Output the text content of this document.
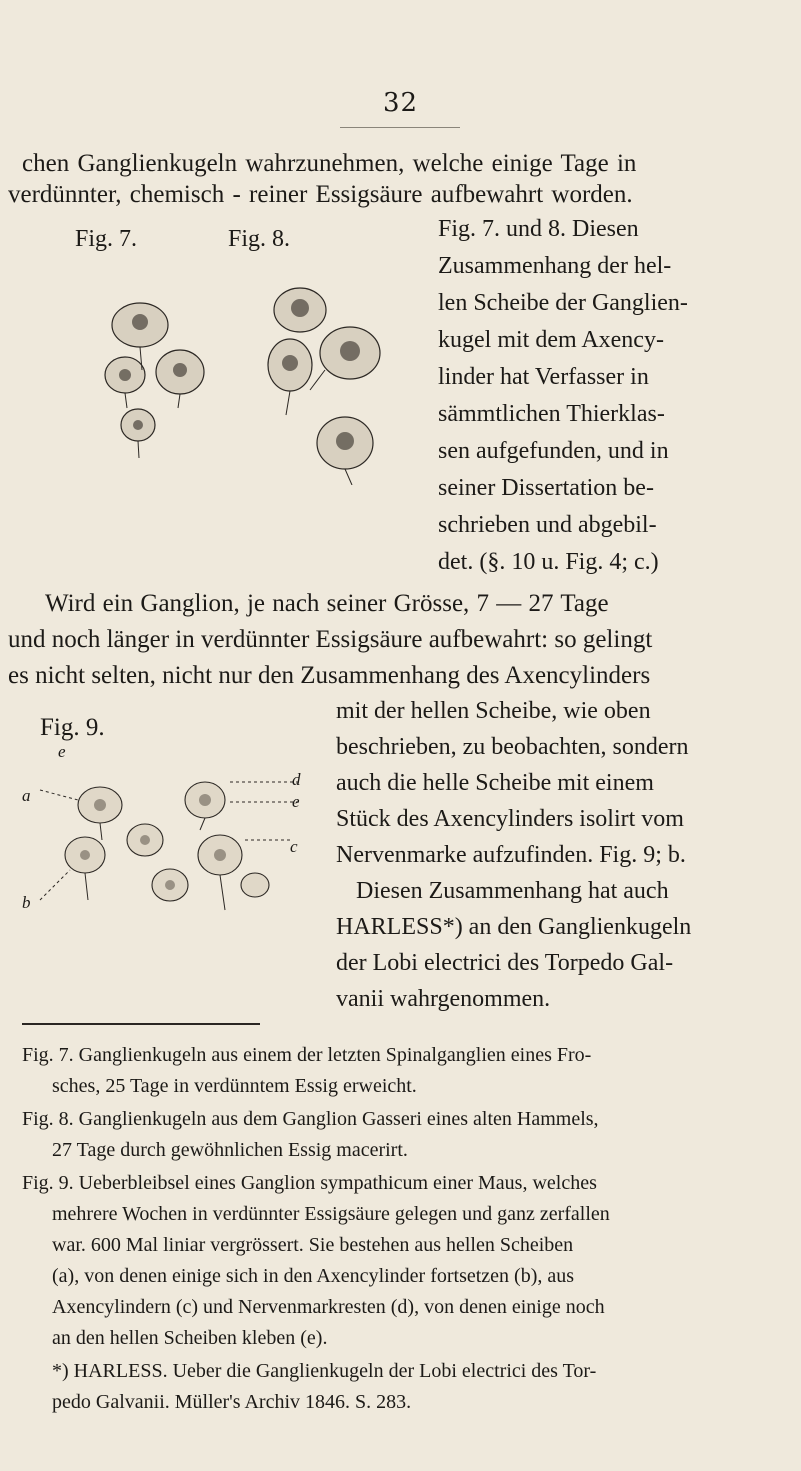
32
chen Ganglienkugeln wahrzunehmen, welche einige Tage in
verdünnter, chemisch - reiner Essigsäure aufbewahrt worden.
Fig. 7.	Fig. 8.	Fig. 7. und 8. Diesen
Zusammenhang der hel-
len Scheibe der Ganglien-
kugel mit dem Axency-
linder hat Verfasser in
sämmtlichen Thierklas-
sen aufgefunden, und in
seiner Dissertation be-
schrieben und abgebil-
det. (§. 10 u. Fig. 4; c.)
Wird ein Ganglion, je nach seiner Grösse, 7 — 27 Tage
und noch länger in verdünnter Essigsäure aufbewahrt: so gelingt
es nicht selten, nicht nur den Zusammenhang des Axencylinders
Fig. 9.
e
a
b
d
e
c
mit der hellen Scheibe, wie oben
beschrieben, zu beobachten, sondern
auch die helle Scheibe mit einem
Stück des Axencylinders isolirt vom
Nervenmarke aufzufinden. Fig. 9; b.
Diesen Zusammenhang hat auch
HARLESS*) an den Ganglienkugeln
der Lobi electrici des Torpedo Gal-
vanii wahrgenommen.
Fig. 7. Ganglienkugeln aus einem der letzten Spinalganglien eines Fro-
sches, 25 Tage in verdünntem Essig erweicht.
Fig. 8. Ganglienkugeln aus dem Ganglion Gasseri eines alten Hammels,
27 Tage durch gewöhnlichen Essig macerirt.
Fig. 9. Ueberbleibsel eines Ganglion sympathicum einer Maus, welches
mehrere Wochen in verdünnter Essigsäure gelegen und ganz zerfallen
war. 600 Mal liniar vergrössert. Sie bestehen aus hellen Scheiben
(a), von denen einige sich in den Axencylinder fortsetzen (b), aus
Axencylindern (c) und Nervenmarkresten (d), von denen einige noch
an den hellen Scheiben kleben (e).
*) HARLESS. Ueber die Ganglienkugeln der Lobi electrici des Tor-
pedo Galvanii. Müller's Archiv 1846. S. 283.
